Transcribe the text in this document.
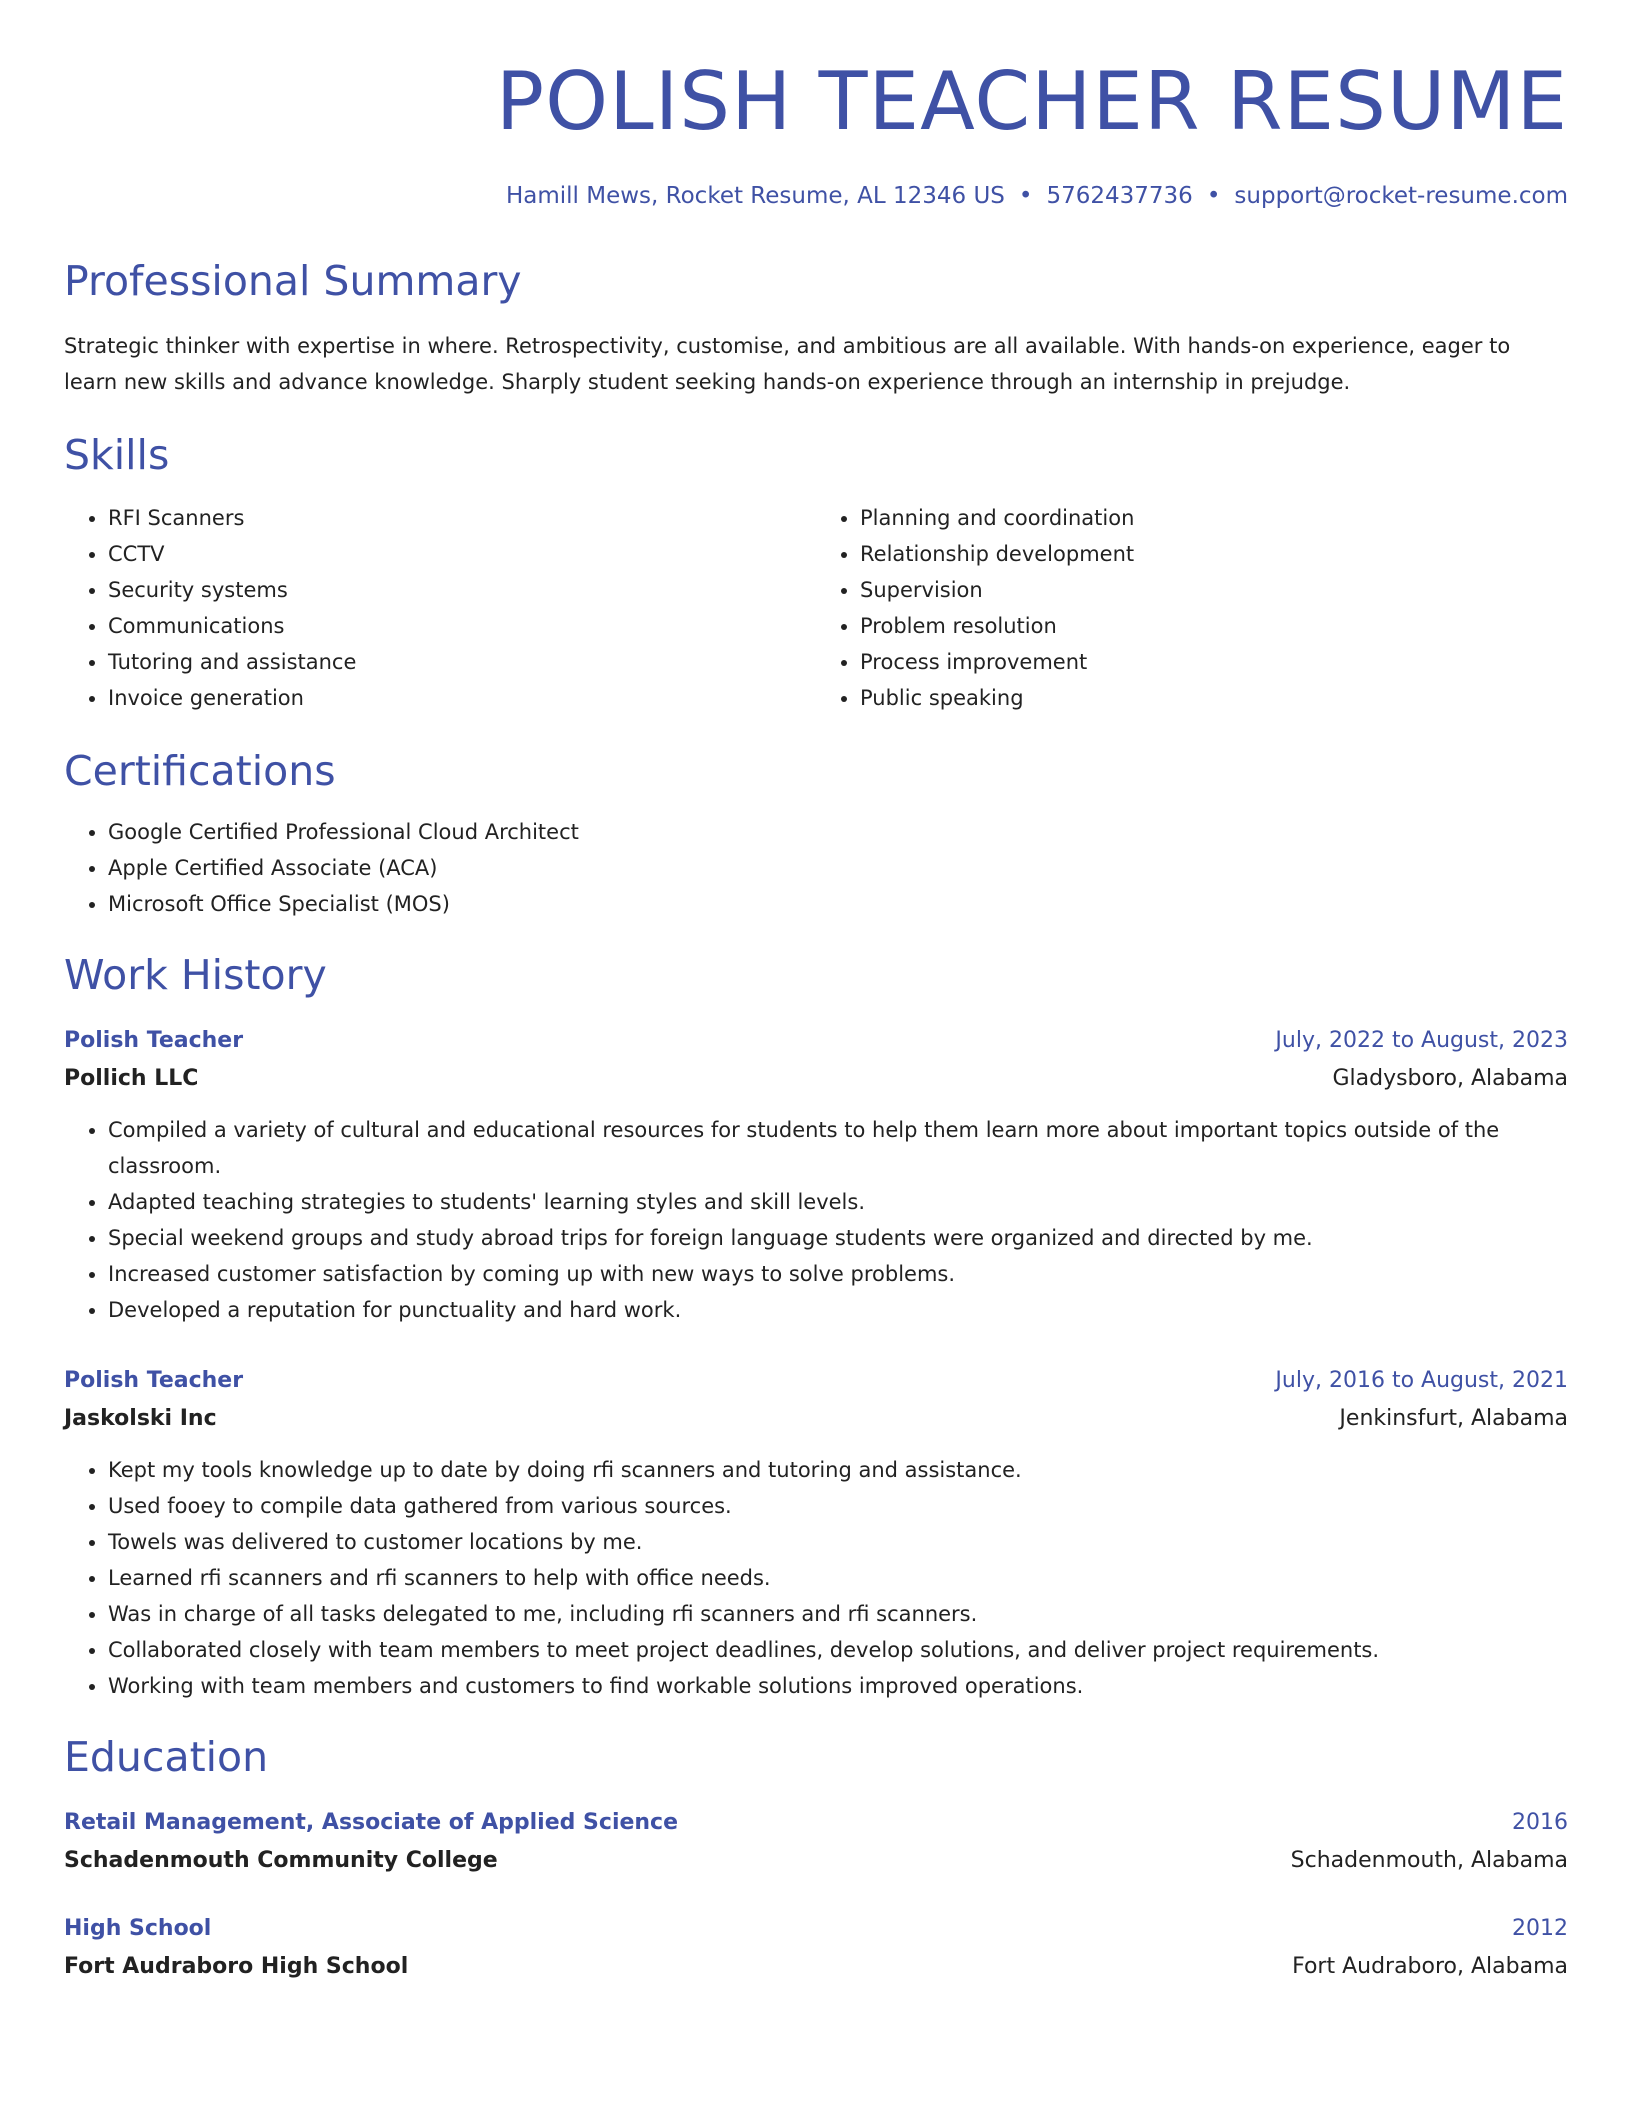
POLISH TEACHER RESUME
Hamill Mews, Rocket Resume, AL 12346 US • 5762437736 • support@rocket-resume.com
Professional Summary

Strategic thinker with expertise in where. Retrospectivity, customise, and ambitious are all available. With hands-on experience, eager to learn new skills and advance knowledge. Sharply student seeking hands-on experience through an internship in prejudge.

Skills
• RFI Scanners
• CCTV
• Security systems
• Communications
• Tutoring and assistance
• Invoice generation
• Planning and coordination
• Relationship development
• Supervision
• Problem resolution
• Process improvement
• Public speaking
Certifications
• Google Certified Professional Cloud Architect
• Apple Certified Associate (ACA)
• Microsoft Office Specialist (MOS)
Work History
Polish Teacher	July, 2022 to August, 2023
Pollich LLC	Gladysboro, Alabama
• Compiled a variety of cultural and educational resources for students to help them learn more about important topics outside of the classroom.
• Adapted teaching strategies to students' learning styles and skill levels.
• Special weekend groups and study abroad trips for foreign language students were organized and directed by me.
• Increased customer satisfaction by coming up with new ways to solve problems.
• Developed a reputation for punctuality and hard work.
Polish Teacher	July, 2016 to August, 2021
Jaskolski Inc	Jenkinsfurt, Alabama
• Kept my tools knowledge up to date by doing rfi scanners and tutoring and assistance.
• Used fooey to compile data gathered from various sources.
• Towels was delivered to customer locations by me.
• Learned rfi scanners and rfi scanners to help with office needs.
• Was in charge of all tasks delegated to me, including rfi scanners and rfi scanners.
• Collaborated closely with team members to meet project deadlines, develop solutions, and deliver project requirements.
• Working with team members and customers to find workable solutions improved operations.
Education
Retail Management, Associate of Applied Science	2016
Schadenmouth Community College	Schadenmouth, Alabama
High School	2012
Fort Audraboro High School	Fort Audraboro, Alabama
